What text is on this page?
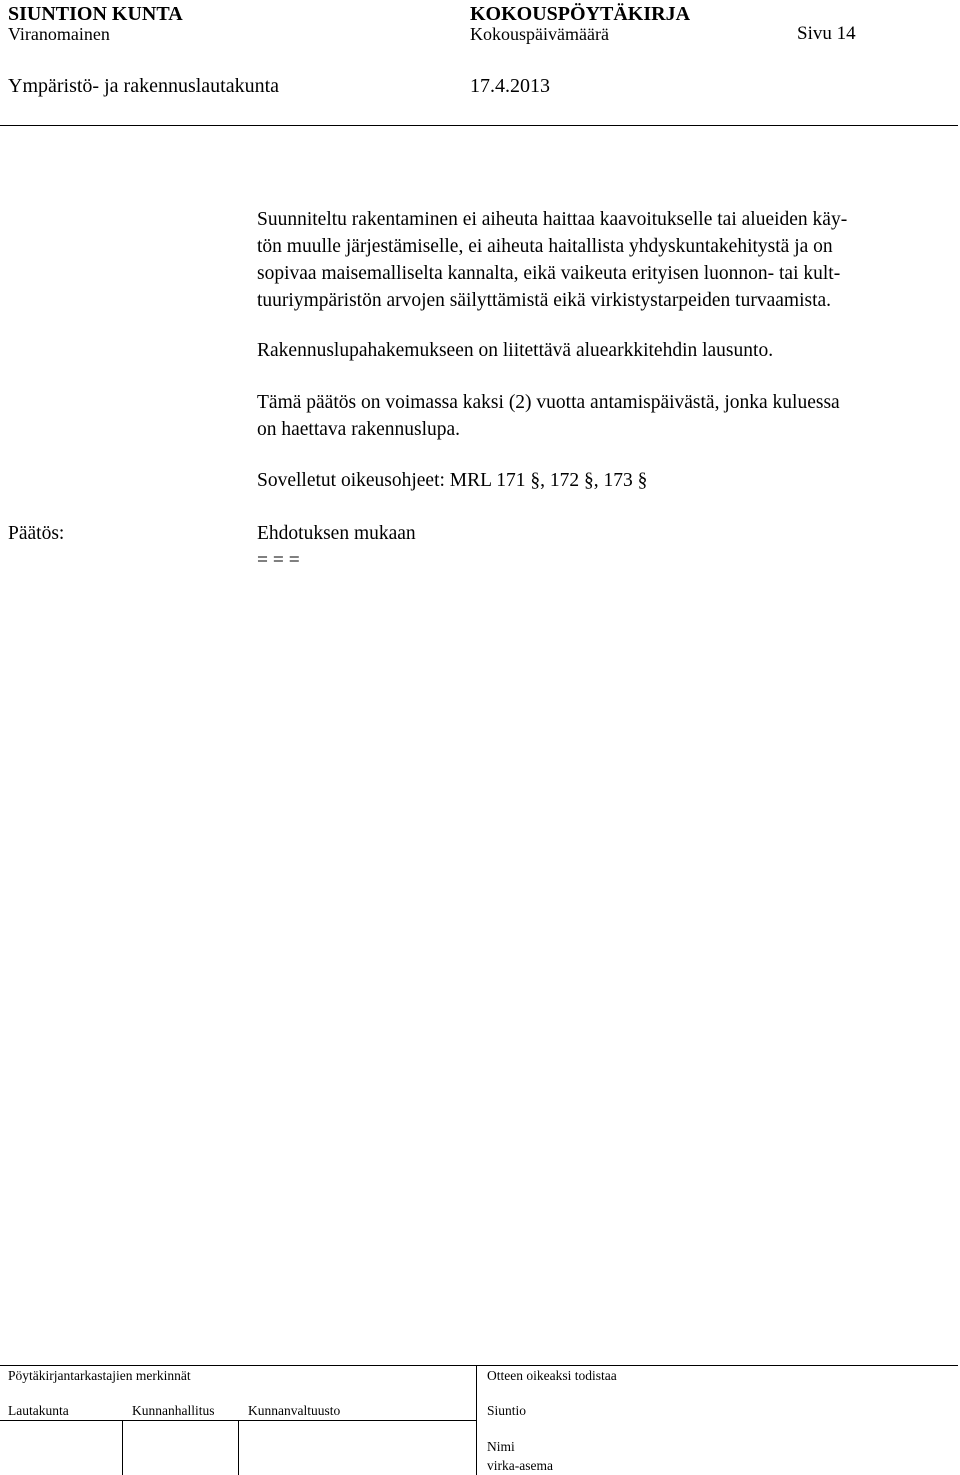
SIUNTION KUNTA	KOKOUSPÖYTÄKIRJA
Viranomainen	Kokouspäivämäärä	Sivu 14
Ympäristö- ja rakennuslautakunta	17.4.2013

Suunniteltu rakentaminen ei aiheuta haittaa kaavoitukselle tai alueiden käy-

tön muulle järjestämiselle, ei aiheuta haitallista yhdyskuntakehitystä ja on

sopivaa maisemalliselta kannalta, eikä vaikeuta erityisen luonnon- tai kult-

tuuriympäristön arvojen säilyttämistä eikä virkistystarpeiden turvaamista.

Rakennuslupahakemukseen on liitettävä aluearkkitehdin lausunto.

Tämä päätös on voimassa kaksi (2) vuotta antamispäivästä, jonka kuluessa

on haettava rakennuslupa.

Sovelletut oikeusohjeet: MRL 171 §, 172 §, 173 §

Päätös:	Ehdotuksen mukaan
= = =
Pöytäkirjantarkastajien merkinnät	Otteen oikeaksi todistaa
Lautakunta	Kunnanhallitus Kunnanvaltuusto	Siuntio
Nimi
virka-asema
